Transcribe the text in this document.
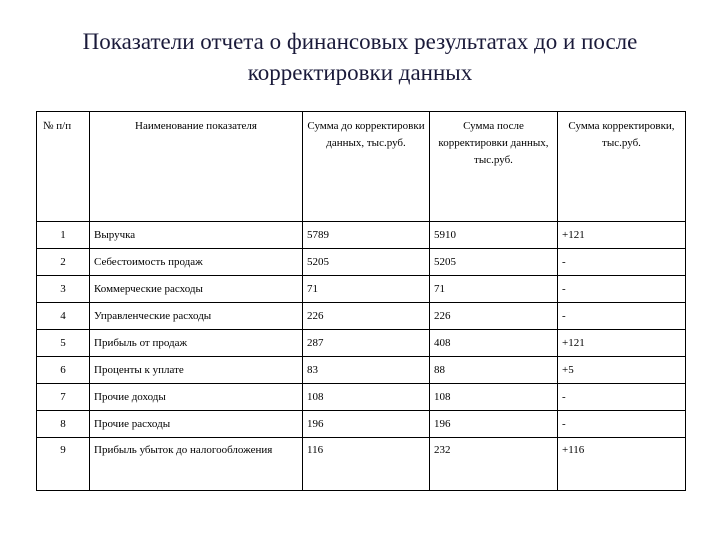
Показатели отчета о финансовых результатах до и после
корректировки данных
№ п/п	Наименование показателя	Сумма до корректировки данных, тыс.руб.	Сумма после корректировки данных, тыс.руб.	Сумма корректировки, тыс.руб.
1	Выручка	5789	5910	+121
2	Себестоимость продаж	5205	5205	-
3	Коммерческие расходы	71	71	-
4	Управленческие расходы	226	226	-
5	Прибыль от продаж	287	408	+121
6	Проценты к уплате	83	88	+5
7	Прочие доходы	108	108	-
8	Прочие расходы	196	196	-
9	Прибыль убыток до налогообложения	116	232	+116
